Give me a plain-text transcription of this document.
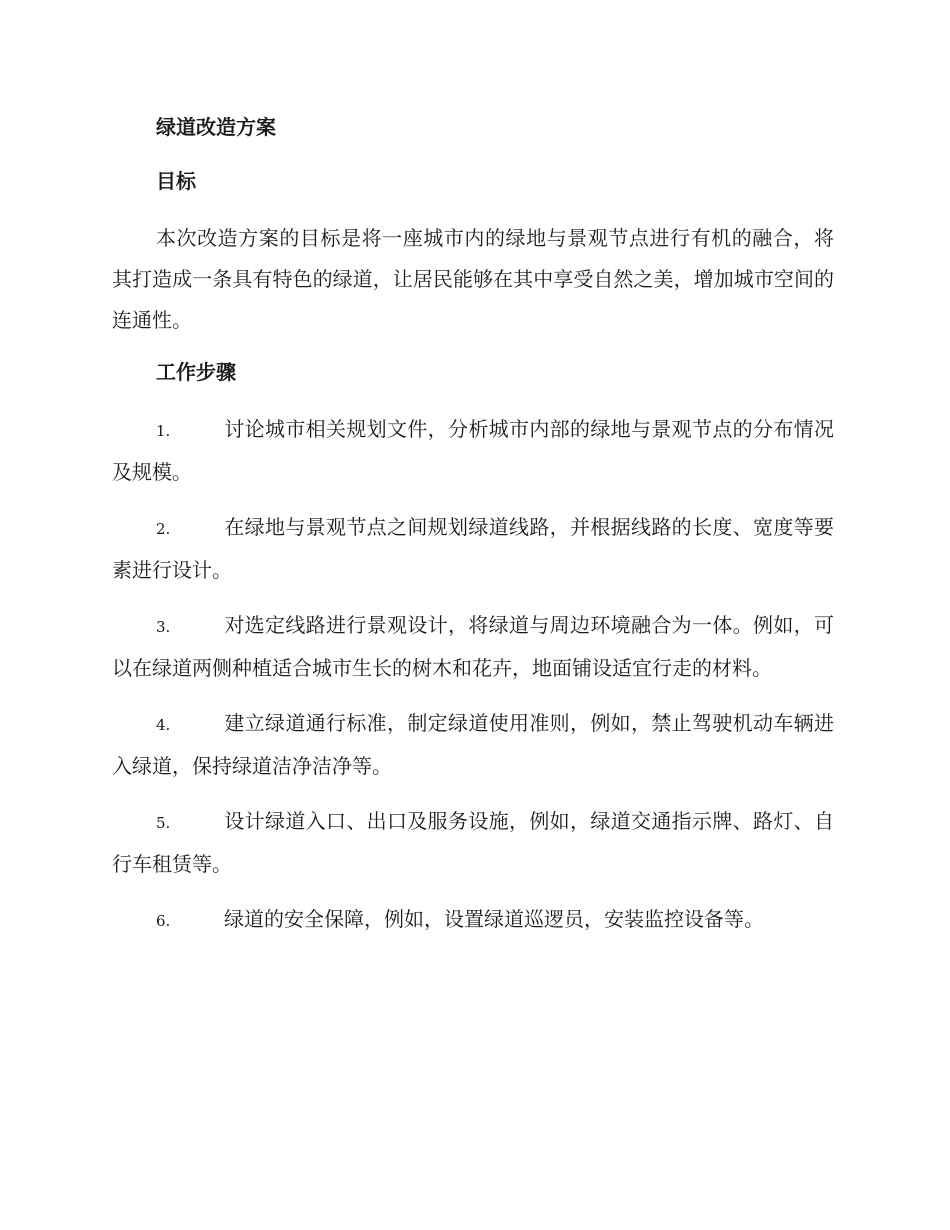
绿道改造方案
目标

本次改造方案的目标是将一座城市内的绿地与景观节点进行有机的融合，将其打造成一条具有特色的绿道，让居民能够在其中享受自然之美，增加城市空间的连通性。

工作步骤

1.	讨论城市相关规划文件，分析城市内部的绿地与景观节点的分布情况及规模。

2.	在绿地与景观节点之间规划绿道线路，并根据线路的长度、宽度等要素进行设计。

3.	对选定线路进行景观设计，将绿道与周边环境融合为一体。例如，可以在绿道两侧种植适合城市生长的树木和花卉，地面铺设适宜行走的材料。

4.	建立绿道通行标准，制定绿道使用准则，例如，禁止驾驶机动车辆进入绿道，保持绿道洁净洁净等。

5.	设计绿道入口、出口及服务设施，例如，绿道交通指示牌、路灯、自行车租赁等。

6.	绿道的安全保障，例如，设置绿道巡逻员，安装监控设备等。
